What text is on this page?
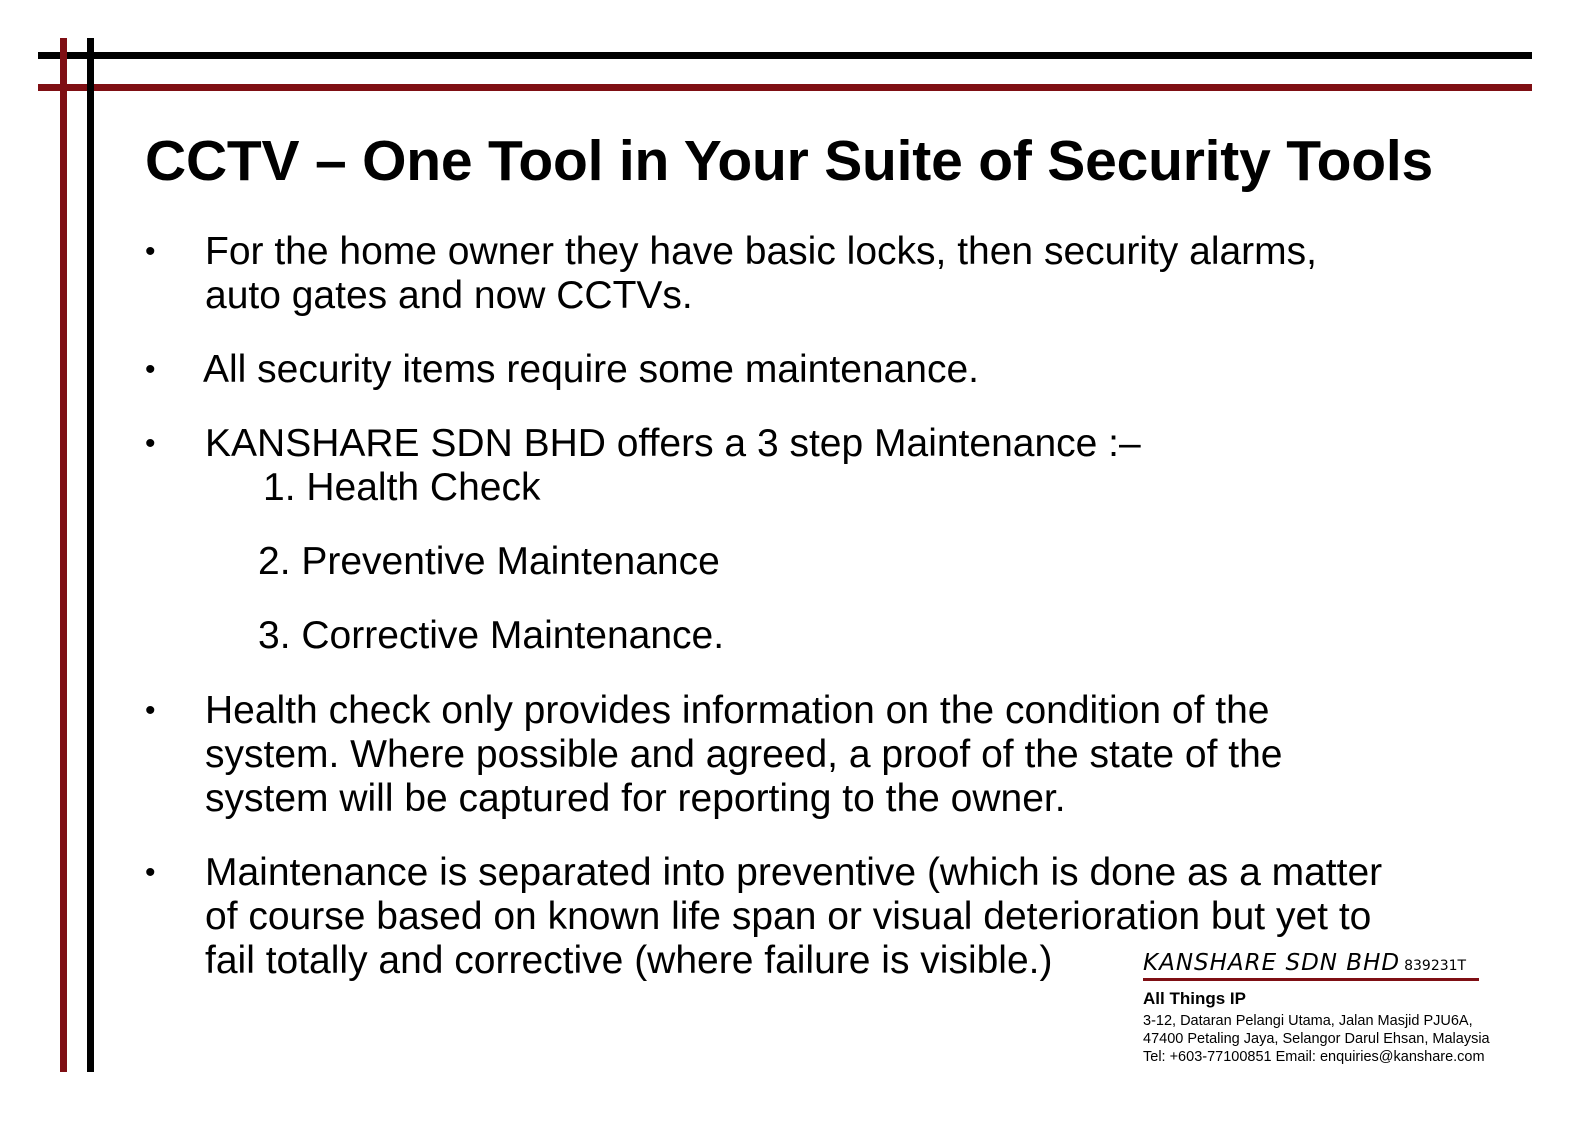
CCTV – One Tool in Your Suite of Security Tools
• For the home owner they have basic locks, then security alarms,
auto gates and now CCTVs.
• All security items require some maintenance.
• KANSHARE SDN BHD offers a 3 step Maintenance :–
1. Health Check
2. Preventive Maintenance
3. Corrective Maintenance.
• Health check only provides information on the condition of the
system. Where possible and agreed, a proof of the state of the
system will be captured for reporting to the owner.
• Maintenance is separated into preventive (which is done as a matter
of course based on known life span or visual deterioration but yet to
fail totally and corrective (where failure is visible.)	KANSHARE SDN BHD 839231T
All Things IP
3-12, Dataran Pelangi Utama, Jalan Masjid PJU6A,
47400 Petaling Jaya, Selangor Darul Ehsan, Malaysia
Tel: +603-77100851 Email: enquiries@kanshare.com
